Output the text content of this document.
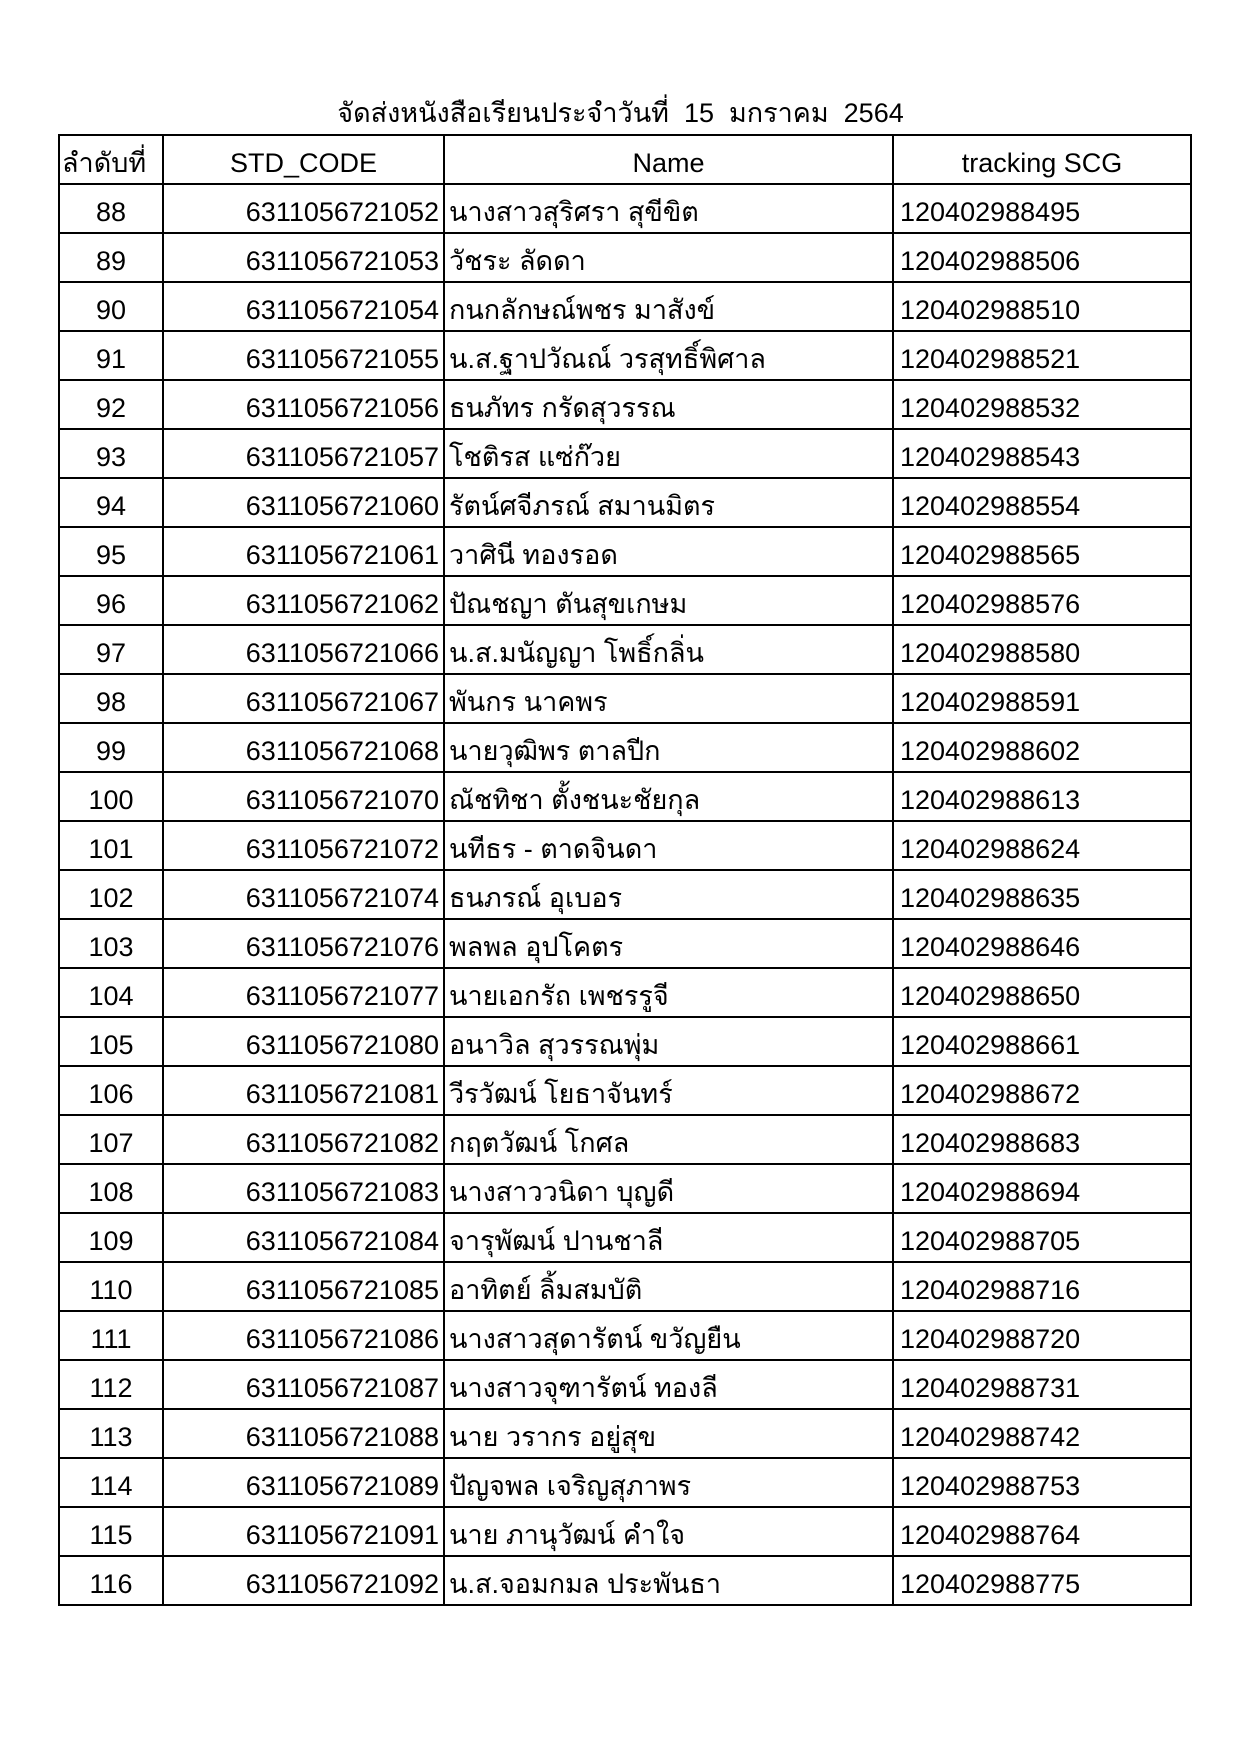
จัดส่งหนังสือเรียนประจำวันที่  15  มกราคม  2564
ลำดับที่	STD_CODE	Name	tracking SCG
88	6311056721052	นางสาวสุริศรา สุขีขิต	120402988495
89	6311056721053	วัชระ ลัดดา	120402988506
90	6311056721054	กนกลักษณ์พชร มาสังข์	120402988510
91	6311056721055	น.ส.ฐาปวัณณ์ วรสุทธิ์พิศาล	120402988521
92	6311056721056	ธนภัทร กรัดสุวรรณ	120402988532
93	6311056721057	โชติรส แซ่ก๊วย	120402988543
94	6311056721060	รัตน์ศจีภรณ์ สมานมิตร	120402988554
95	6311056721061	วาศินี ทองรอด	120402988565
96	6311056721062	ปัณชญา ตันสุขเกษม	120402988576
97	6311056721066	น.ส.มนัญญา โพธิ์กลิ่น	120402988580
98	6311056721067	พันกร นาคพร	120402988591
99	6311056721068	นายวุฒิพร ตาลปีก	120402988602
100	6311056721070	ณัชทิชา ตั้งชนะชัยกุล	120402988613
101	6311056721072	นทีธร - ตาดจินดา	120402988624
102	6311056721074	ธนภรณ์ อุเบอร	120402988635
103	6311056721076	พลพล อุปโคตร	120402988646
104	6311056721077	นายเอกรัถ เพชรรูจี	120402988650
105	6311056721080	อนาวิล สุวรรณพุ่ม	120402988661
106	6311056721081	วีรวัฒน์ โยธาจันทร์	120402988672
107	6311056721082	กฤตวัฒน์ โกศล	120402988683
108	6311056721083	นางสาววนิดา บุญดี	120402988694
109	6311056721084	จารุพัฒน์ ปานชาลี	120402988705
110	6311056721085	อาทิตย์ ลิ้มสมบัติ	120402988716
111	6311056721086	นางสาวสุดารัตน์ ขวัญยืน	120402988720
112	6311056721087	นางสาวจุฑารัตน์ ทองลี	120402988731
113	6311056721088	นาย วรากร อยู่สุข	120402988742
114	6311056721089	ปัญจพล เจริญสุภาพร	120402988753
115	6311056721091	นาย ภานุวัฒน์ คำใจ	120402988764
116	6311056721092	น.ส.จอมกมล ประพันธา	120402988775
